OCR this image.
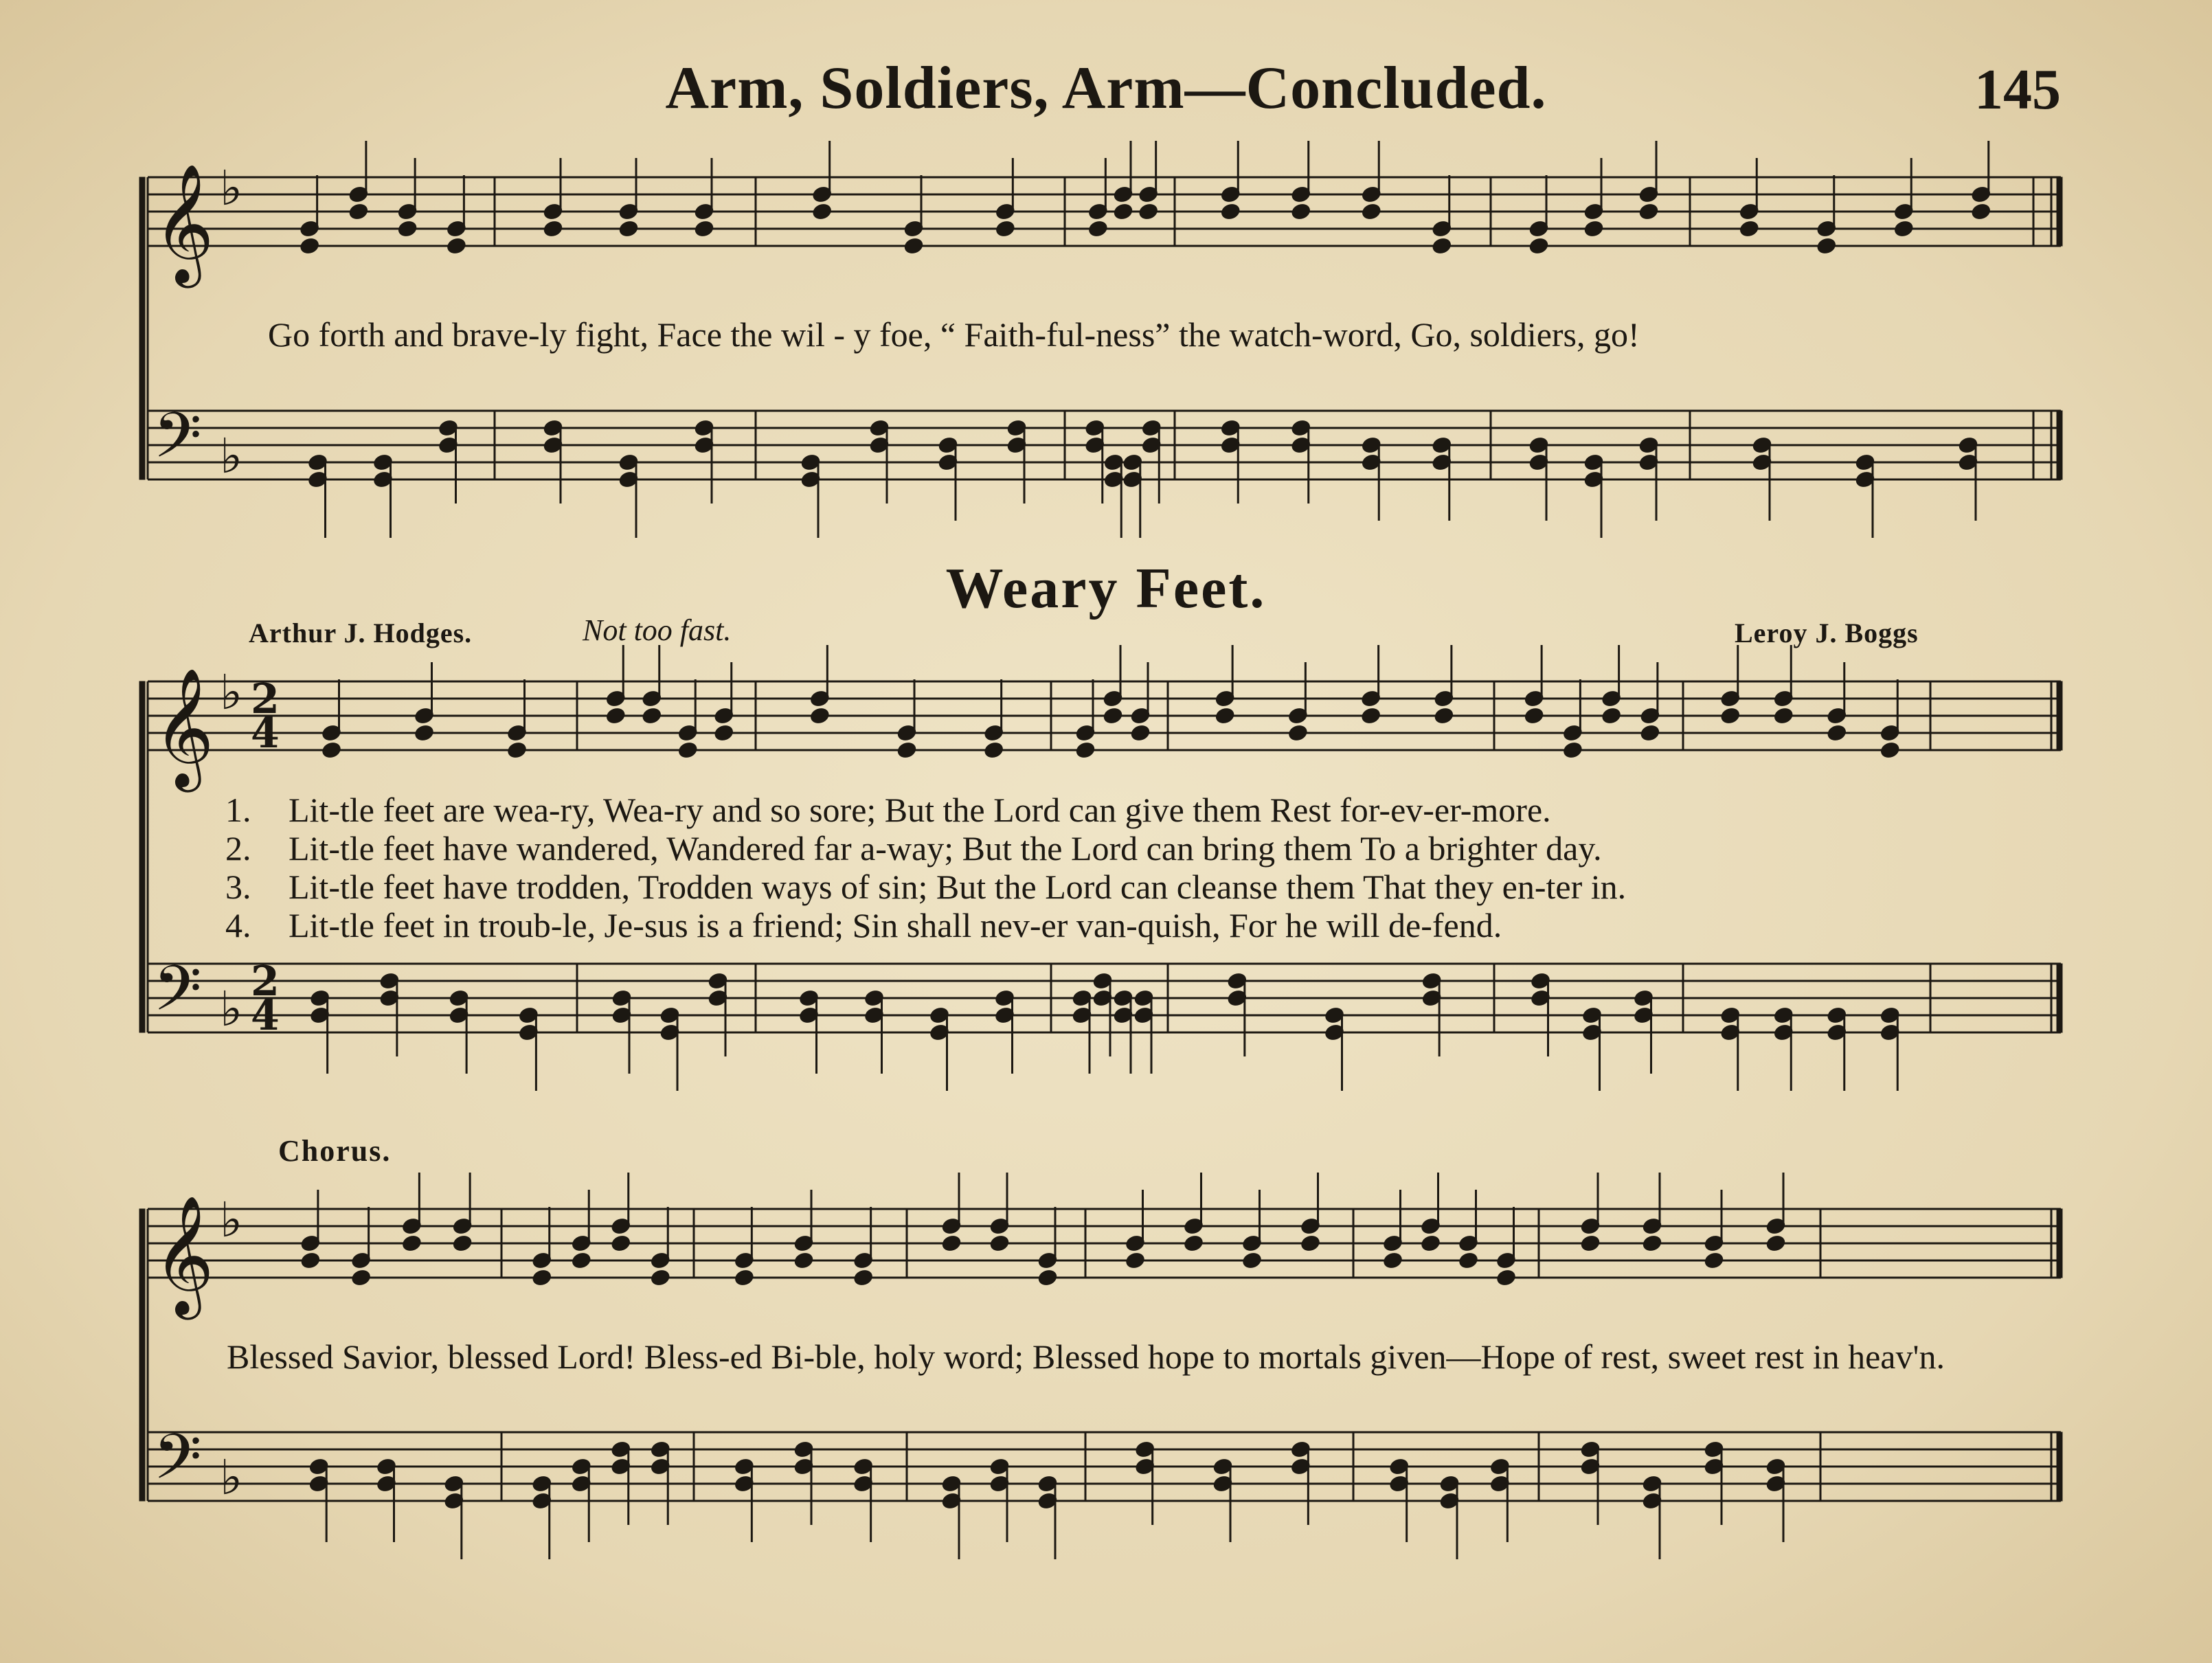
Arm, Soldiers, Arm—Concluded.	145
Go forth and brave-ly fight, Face the wil - y foe, “ Faith-ful-ness” the watch-word, Go, soldiers, go!
Weary Feet.
Arthur J. Hodges.	Not too fast.	Leroy J. Boggs
1. Lit-tle feet are wea-ry, Wea-ry and so sore; But the Lord can give them Rest for-ev-er-more.
2. Lit-tle feet have wandered, Wandered far a-way; But the Lord can bring them To a brighter day.
3. Lit-tle feet have trodden, Trodden ways of sin; But the Lord can cleanse them That they en-ter in.
4. Lit-tle feet in troub-le, Je-sus is a friend; Sin shall nev-er van-quish, For he will de-fend.
Chorus.
Blessed Savior, blessed Lord! Bless-ed Bi-ble, holy word; Blessed hope to mortals given—Hope of rest, sweet rest in heav'n.
𝄞 ♭
𝄢 ♭
𝄞 ♭
𝄢 ♭
𝄞 ♭
𝄢 ♭
2
4
2
4
